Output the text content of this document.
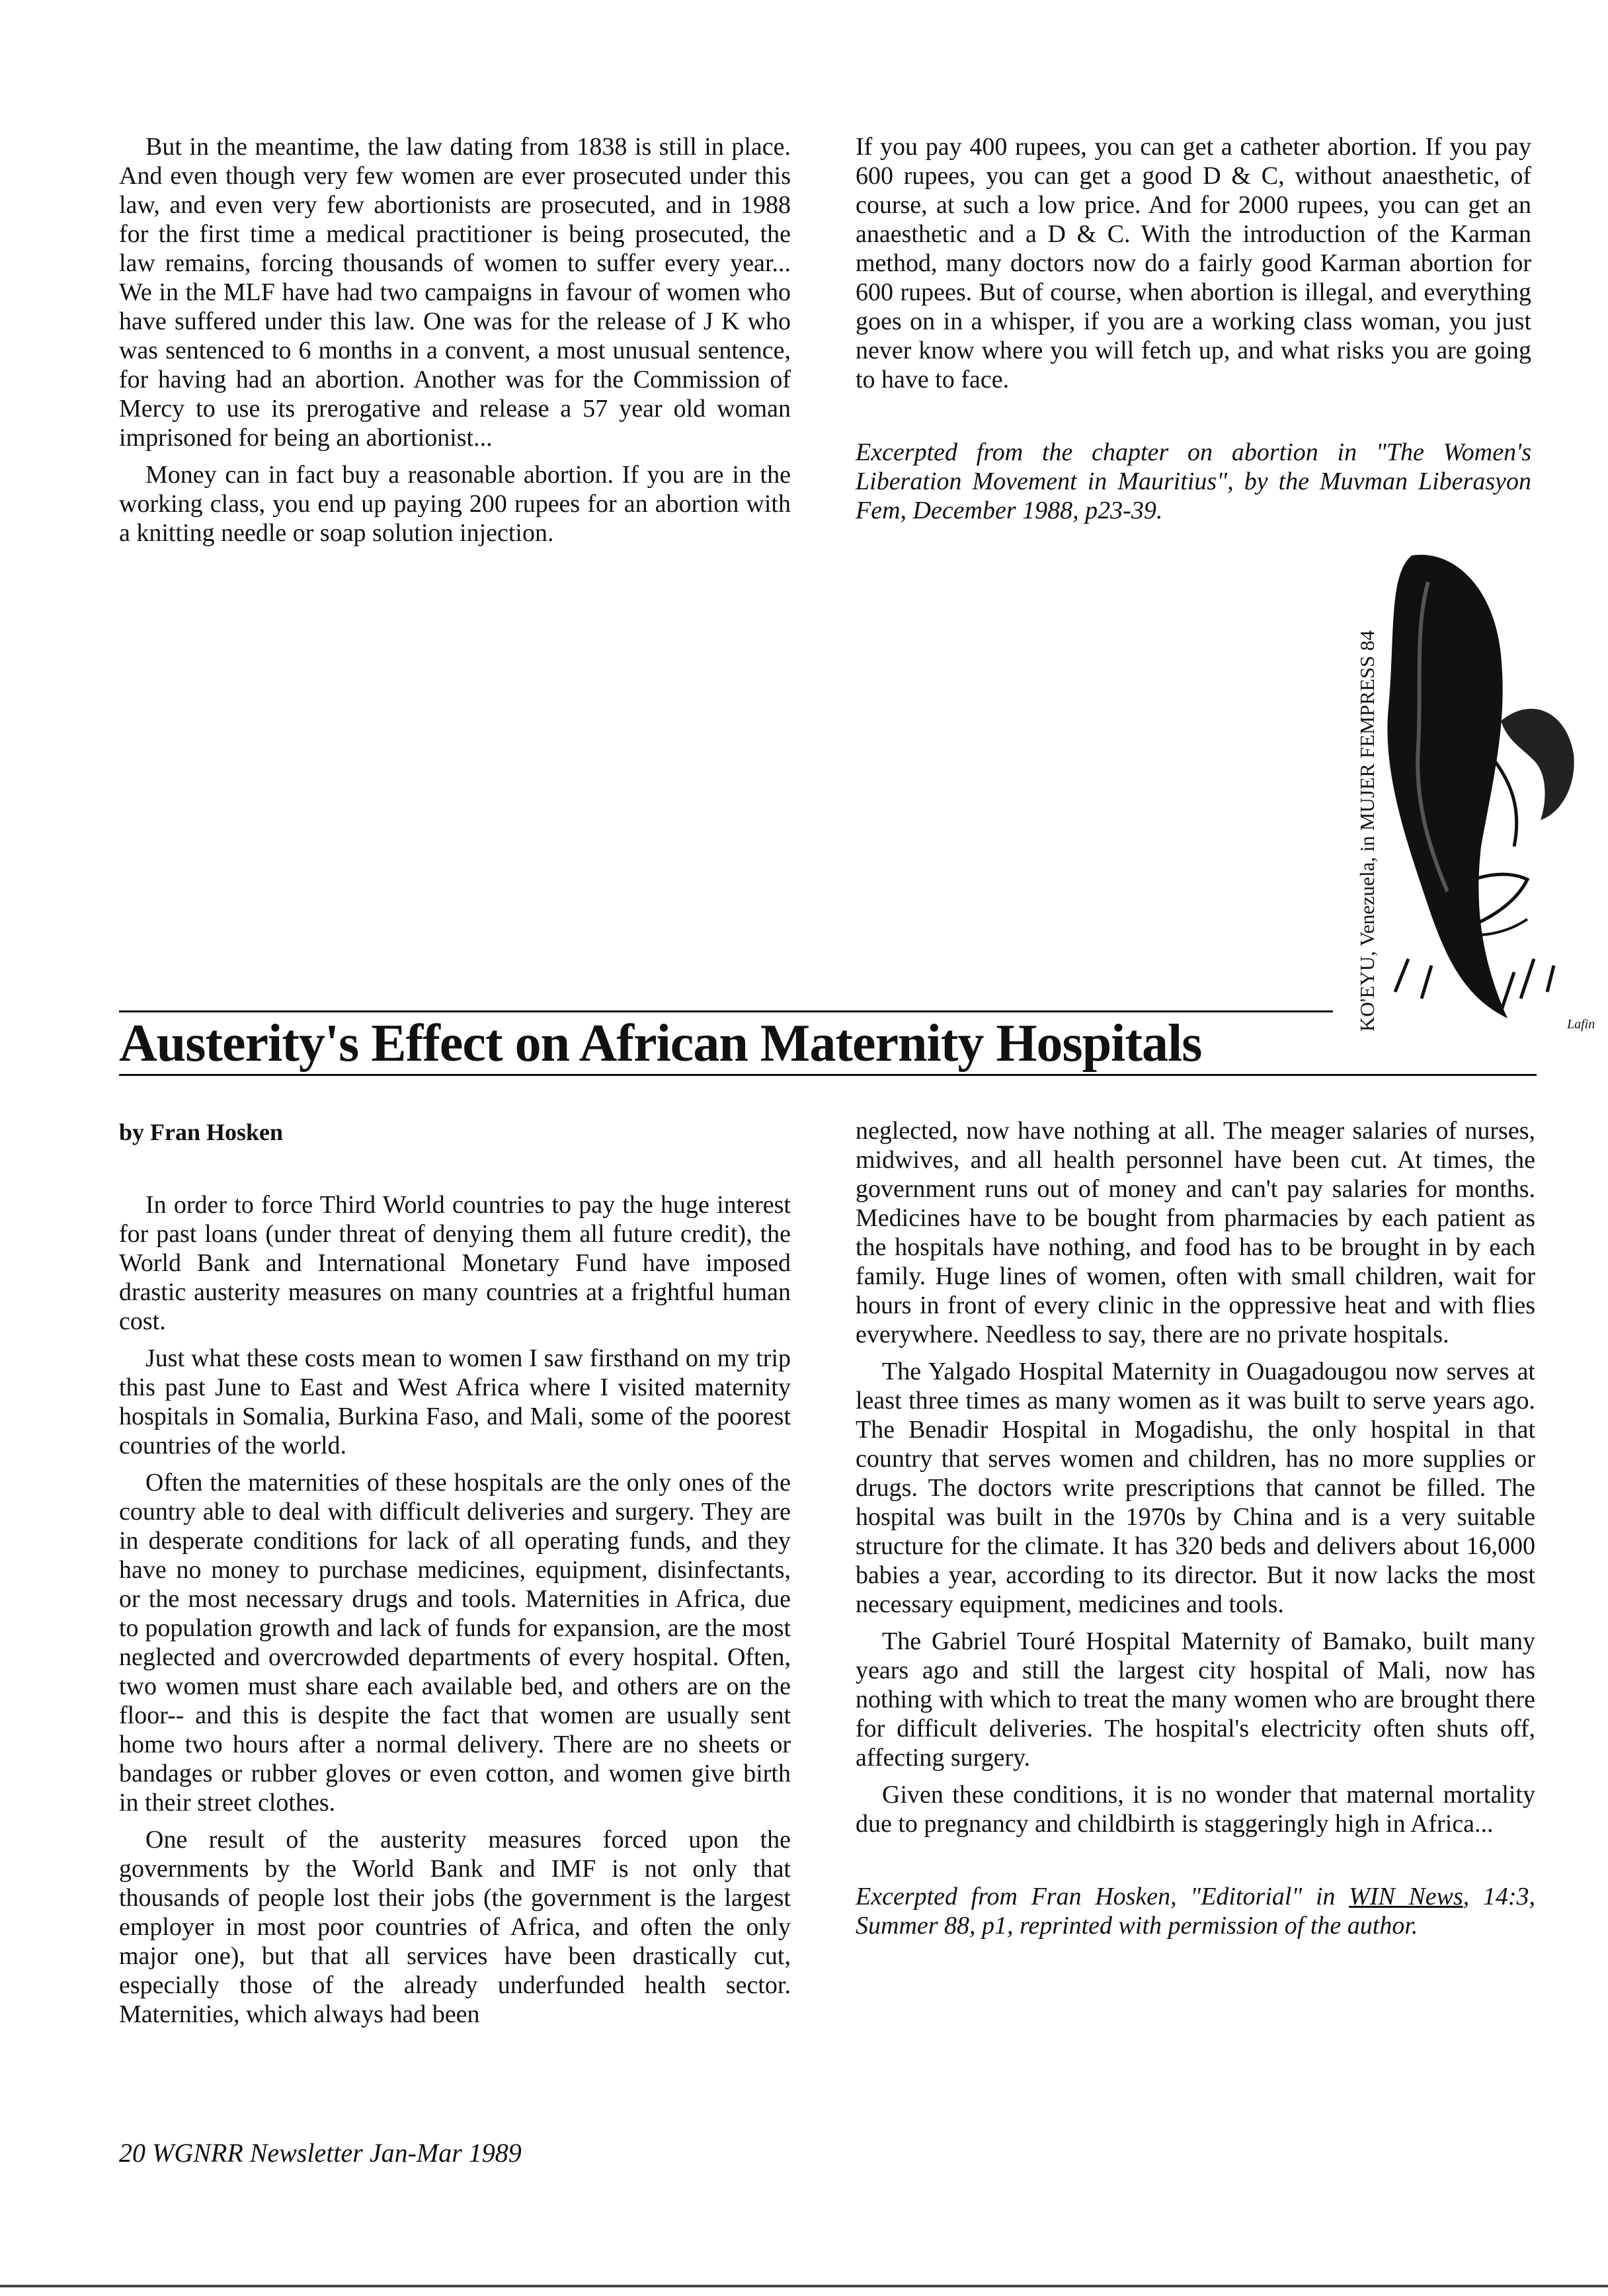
But in the meantime, the law dating from 1838 is still in place. And even though very few women are ever prosecuted under this law, and even very few abortionists are prosecuted, and in 1988 for the first time a medical practitioner is being prosecuted, the law remains, forcing thousands of women to suffer every year... We in the MLF have had two campaigns in favour of women who have suffered under this law. One was for the release of J K who was sentenced to 6 months in a convent, a most unusual sentence, for having had an abortion. Another was for the Commission of Mercy to use its prerogative and release a 57 year old woman imprisoned for being an abortionist...

Money can in fact buy a reasonable abortion. If you are in the working class, you end up paying 200 rupees for an abortion with a knitting needle or soap solution injection.

If you pay 400 rupees, you can get a catheter abortion. If you pay 600 rupees, you can get a good D & C, without anaesthetic, of course, at such a low price. And for 2000 rupees, you can get an anaesthetic and a D & C. With the introduction of the Karman method, many doctors now do a fairly good Karman abortion for 600 rupees. But of course, when abortion is illegal, and everything goes on in a whisper, if you are a working class woman, you just never know where you will fetch up, and what risks you are going to have to face.

Excerpted from the chapter on abortion in "The Women's Liberation Movement in Mauritius", by the Muvman Liberasyon Fem, December 1988, p23-39.

KO'EYU, Venezuela, in MUJER FEMPRESS 84	Lafin
Austerity's Effect on African Maternity Hospitals
by Fran Hosken

In order to force Third World countries to pay the huge interest for past loans (under threat of denying them all future credit), the World Bank and International Monetary Fund have imposed drastic austerity measures on many countries at a frightful human cost.

Just what these costs mean to women I saw firsthand on my trip this past June to East and West Africa where I visited maternity hospitals in Somalia, Burkina Faso, and Mali, some of the poorest countries of the world.

Often the maternities of these hospitals are the only ones of the country able to deal with difficult deliveries and surgery. They are in desperate conditions for lack of all operating funds, and they have no money to purchase medicines, equipment, disinfectants, or the most necessary drugs and tools. Maternities in Africa, due to population growth and lack of funds for expansion, are the most neglected and overcrowded departments of every hospital. Often, two women must share each available bed, and others are on the floor-- and this is despite the fact that women are usually sent home two hours after a normal delivery. There are no sheets or bandages or rubber gloves or even cotton, and women give birth in their street clothes.

One result of the austerity measures forced upon the governments by the World Bank and IMF is not only that thousands of people lost their jobs (the government is the largest employer in most poor countries of Africa, and often the only major one), but that all services have been drastically cut, especially those of the already underfunded health sector. Maternities, which always had been

neglected, now have nothing at all. The meager salaries of nurses, midwives, and all health personnel have been cut. At times, the government runs out of money and can't pay salaries for months. Medicines have to be bought from pharmacies by each patient as the hospitals have nothing, and food has to be brought in by each family. Huge lines of women, often with small children, wait for hours in front of every clinic in the oppressive heat and with flies everywhere. Needless to say, there are no private hospitals.

The Yalgado Hospital Maternity in Ouagadougou now serves at least three times as many women as it was built to serve years ago. The Benadir Hospital in Mogadishu, the only hospital in that country that serves women and children, has no more supplies or drugs. The doctors write prescriptions that cannot be filled. The hospital was built in the 1970s by China and is a very suitable structure for the climate. It has 320 beds and delivers about 16,000 babies a year, according to its director. But it now lacks the most necessary equipment, medicines and tools.

The Gabriel Touré Hospital Maternity of Bamako, built many years ago and still the largest city hospital of Mali, now has nothing with which to treat the many women who are brought there for difficult deliveries. The hospital's electricity often shuts off, affecting surgery.

Given these conditions, it is no wonder that maternal mortality due to pregnancy and childbirth is staggeringly high in Africa...

Excerpted from Fran Hosken, "Editorial" in WIN News, 14:3, Summer 88, p1, reprinted with permission of the author.

20 WGNRR Newsletter Jan-Mar 1989
